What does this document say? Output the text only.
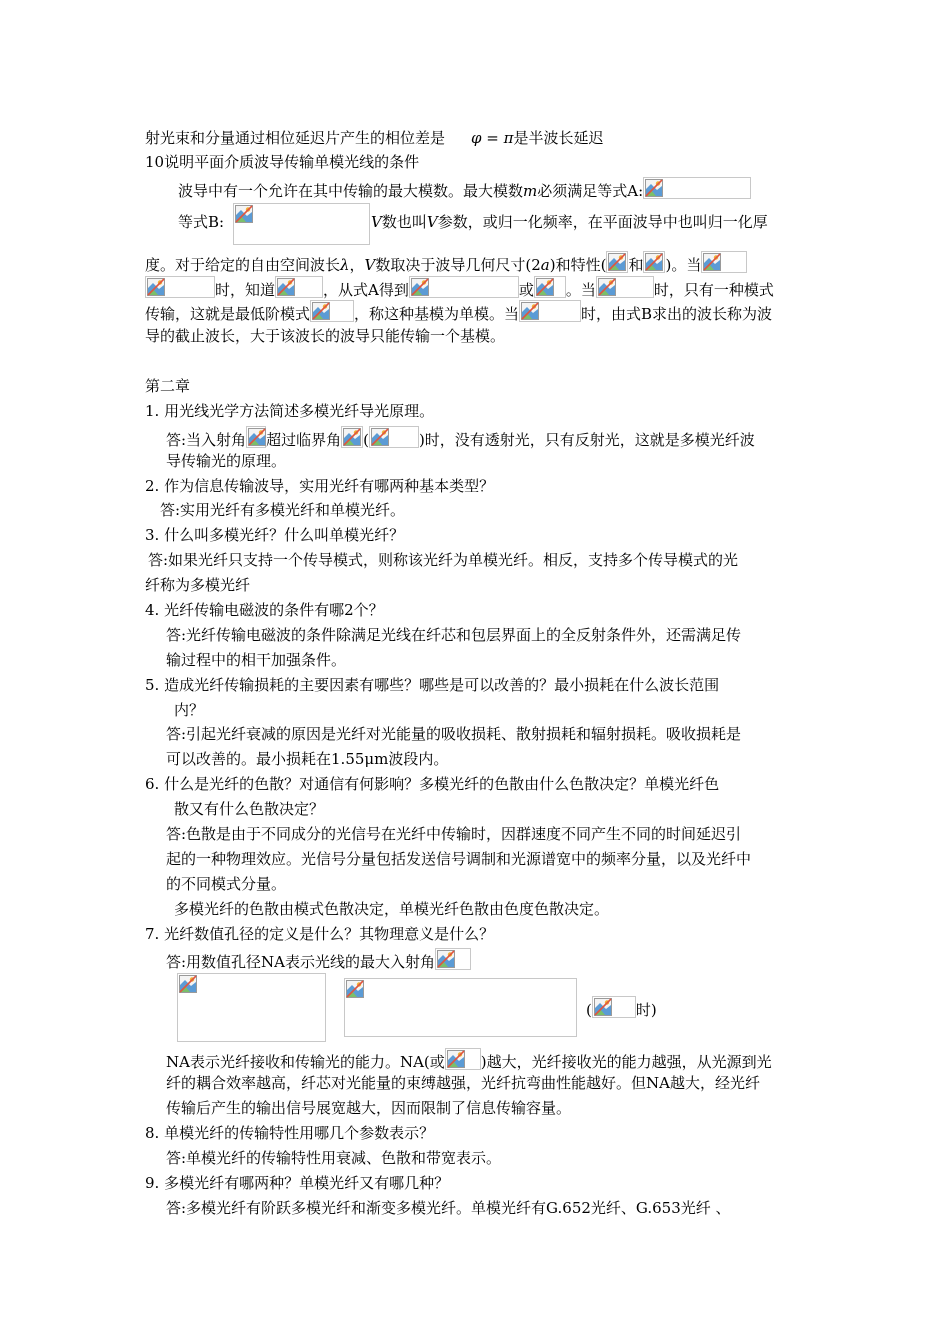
射光束和分量通过相位延迟片产生的相位差是 φ = π是半波长延迟
10说明平面介质波导传输单模光线的条件
波导中有一个允许在其中传输的最大模数。最大模数m必须满足等式A:
等式B:	V数也叫V参数，或归一化频率，在平面波导中也叫归一化厚
度。对于给定的自由空间波长λ，V数取决于波导几何尺寸(2a)和特性( 和 )。当
时，知道	，从式A得到	或 。当	时，只有一种模式
传输，这就是最低阶模式	，称这种基模为单模。当	时，由式B求出的波长称为波
导的截止波长，大于该波长的波导只能传输一个基模。
第二章
1. 用光线光学方法简述多模光纤导光原理。
答:当入射角 超过临界角 (	)时，没有透射光，只有反射光，这就是多模光纤波
导传输光的原理。
2. 作为信息传输波导，实用光纤有哪两种基本类型？
答:实用光纤有多模光纤和单模光纤。
3. 什么叫多模光纤？什么叫单模光纤？
答:如果光纤只支持一个传导模式，则称该光纤为单模光纤。相反，支持多个传导模式的光
纤称为多模光纤
4. 光纤传输电磁波的条件有哪2个？
答:光纤传输电磁波的条件除满足光线在纤芯和包层界面上的全反射条件外，还需满足传
输过程中的相干加强条件。
5. 造成光纤传输损耗的主要因素有哪些？哪些是可以改善的？最小损耗在什么波长范围
内？
答:引起光纤衰减的原因是光纤对光能量的吸收损耗、散射损耗和辐射损耗。吸收损耗是
可以改善的。最小损耗在1.55μm波段内。
6. 什么是光纤的色散？对通信有何影响？多模光纤的色散由什么色散决定？单模光纤色
散又有什么色散决定？
答:色散是由于不同成分的光信号在光纤中传输时，因群速度不同产生不同的时间延迟引
起的一种物理效应。光信号分量包括发送信号调制和光源谱宽中的频率分量，以及光纤中
的不同模式分量。
多模光纤的色散由模式色散决定，单模光纤色散由色度色散决定。
7. 光纤数值孔径的定义是什么？其物理意义是什么？
答:用数值孔径NA表示光线的最大入射角
(	时)
NA表示光纤接收和传输光的能力。NA(或 )越大，光纤接收光的能力越强，从光源到光
纤的耦合效率越高，纤芯对光能量的束缚越强，光纤抗弯曲性能越好。但NA越大，经光纤
传输后产生的输出信号展宽越大，因而限制了信息传输容量。
8. 单模光纤的传输特性用哪几个参数表示？
答:单模光纤的传输特性用衰减、色散和带宽表示。
9. 多模光纤有哪两种？单模光纤又有哪几种？
答:多模光纤有阶跃多模光纤和渐变多模光纤。单模光纤有G.652光纤、G.653光纤 、
